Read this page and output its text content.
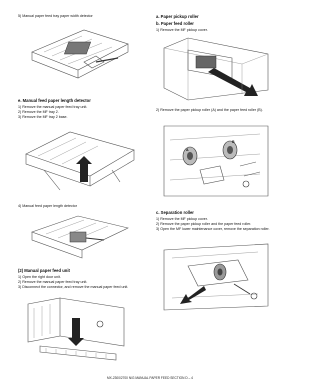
5) Manual paper feed tray paper width detector
e. Manual feed paper length detector
1) Remove the manual paper feed tray unit.
2) Remove the MF tray 2.
3) Remove the MF tray 2 base.
4) Manual feed paper length detector
(2) Manual paper feed unit
1) Open the right door unit.
2) Remove the manual paper feed tray unit.
3) Disconnect the connector, and remove the manual paper feed unit.
a. Paper pickup roller
b. Paper feed roller
1) Remove the MF pickup cover.
2) Remove the paper pickup roller (A) and the paper feed roller (B).
A
B
c. Separation roller
1) Remove the MF pickup cover.
2) Remove the paper pickup roller and the paper feed roller.
3) Open the MF lower maintenance cover, remove the separation roller.
MX-2300/2700 N/G MANUAL PAPER FEED SECTION D – 4
